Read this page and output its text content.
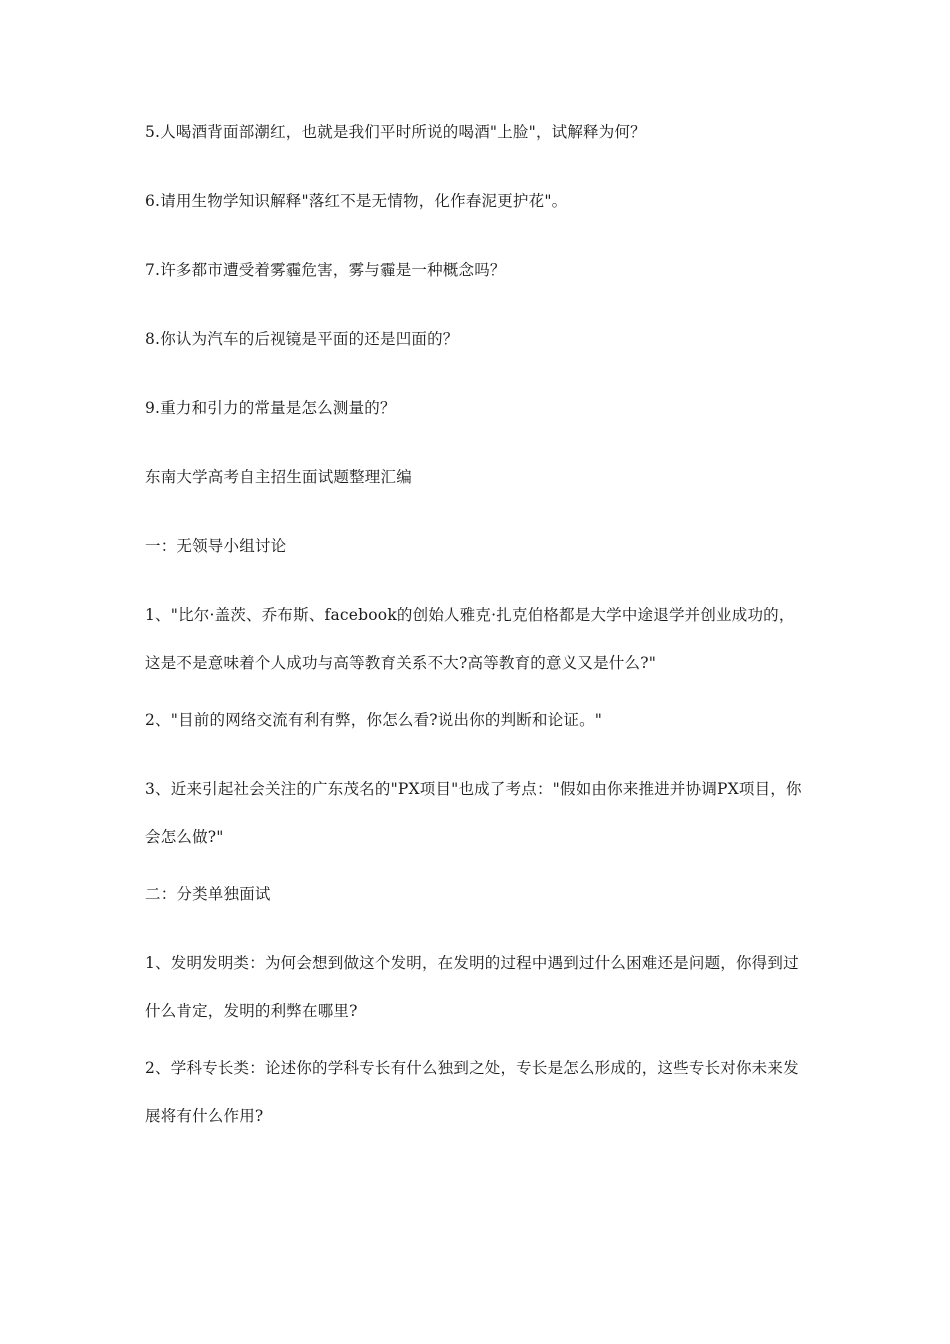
5.人喝酒背面部潮红，也就是我们平时所说的喝酒"上脸"，试解释为何？

6.请用生物学知识解释"落红不是无情物，化作春泥更护花"。

7.许多都市遭受着雾霾危害，雾与霾是一种概念吗？

8.你认为汽车的后视镜是平面的还是凹面的？

9.重力和引力的常量是怎么测量的？

东南大学高考自主招生面试题整理汇编

一：无领导小组讨论

1、"比尔·盖茨、乔布斯、facebook的创始人雅克·扎克伯格都是大学中途退学并创业成功的，这是不是意味着个人成功与高等教育关系不大?高等教育的意义又是什么?"

2、"目前的网络交流有利有弊，你怎么看?说出你的判断和论证。"

3、近来引起社会关注的广东茂名的"PX项目"也成了考点："假如由你来推进并协调PX项目，你会怎么做?"

二：分类单独面试

1、发明发明类：为何会想到做这个发明，在发明的过程中遇到过什么困难还是问题，你得到过什么肯定，发明的利弊在哪里?

2、学科专长类：论述你的学科专长有什么独到之处，专长是怎么形成的，这些专长对你未来发展将有什么作用?
